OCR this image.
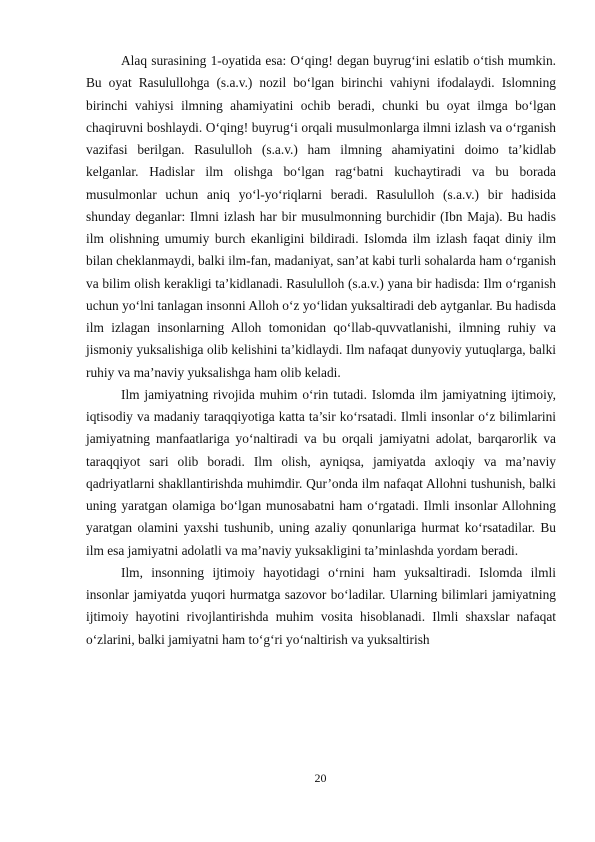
Alaq surasining 1-oyatida esa: O‘qing! degan buyrug‘ini eslatib o‘tish mumkin. Bu oyat Rasulullohga (s.a.v.) nozil bo‘lgan birinchi vahiyni ifodalaydi. Islomning birinchi vahiysi ilmning ahamiyatini ochib beradi, chunki bu oyat ilmga bo‘lgan chaqiruvni boshlaydi. O‘qing! buyrug‘i orqali musulmonlarga ilmni izlash va o‘rganish vazifasi berilgan. Rasululloh (s.a.v.) ham ilmning ahamiyatini doimo ta’kidlab kelganlar. Hadislar ilm olishga bo‘lgan rag‘batni kuchaytiradi va bu borada musulmonlar uchun aniq yo‘l-yo‘riqlarni beradi. Rasululloh (s.a.v.) bir hadisida shunday deganlar: Ilmni izlash har bir musulmonning burchidir (Ibn Maja). Bu hadis ilm olishning umumiy burch ekanligini bildiradi. Islomda ilm izlash faqat diniy ilm bilan cheklanmaydi, balki ilm-fan, madaniyat, san’at kabi turli sohalarda ham o‘rganish va bilim olish kerakligi ta’kidlanadi. Rasululloh (s.a.v.) yana bir hadisda: Ilm o‘rganish uchun yo‘lni tanlagan insonni Alloh o‘z yo‘lidan yuksaltiradi deb aytganlar. Bu hadisda ilm izlagan insonlarning Alloh tomonidan qo‘llab-quvvatlanishi, ilmning ruhiy va jismoniy yuksalishiga olib kelishini ta’kidlaydi. Ilm nafaqat dunyoviy yutuqlarga, balki ruhiy va ma’naviy yuksalishga ham olib keladi.

Ilm jamiyatning rivojida muhim o‘rin tutadi. Islomda ilm jamiyatning ijtimoiy, iqtisodiy va madaniy taraqqiyotiga katta ta’sir ko‘rsatadi. Ilmli insonlar o‘z bilimlarini jamiyatning manfaatlariga yo‘naltiradi va bu orqali jamiyatni adolat, barqarorlik va taraqqiyot sari olib boradi. Ilm olish, ayniqsa, jamiyatda axloqiy va ma’naviy qadriyatlarni shakllantirishda muhimdir. Qur’onda ilm nafaqat Allohni tushunish, balki uning yaratgan olamiga bo‘lgan munosabatni ham o‘rgatadi. Ilmli insonlar Allohning yaratgan olamini yaxshi tushunib, uning azaliy qonunlariga hurmat ko‘rsatadilar. Bu ilm esa jamiyatni adolatli va ma’naviy yuksakligini ta’minlashda yordam beradi.

Ilm, insonning ijtimoiy hayotidagi o‘rnini ham yuksaltiradi. Islomda ilmli insonlar jamiyatda yuqori hurmatga sazovor bo‘ladilar. Ularning bilimlari jamiyatning ijtimoiy hayotini rivojlantirishda muhim vosita hisoblanadi. Ilmli shaxslar nafaqat o‘zlarini, balki jamiyatni ham to‘g‘ri yo‘naltirish va yuksaltirish

20
